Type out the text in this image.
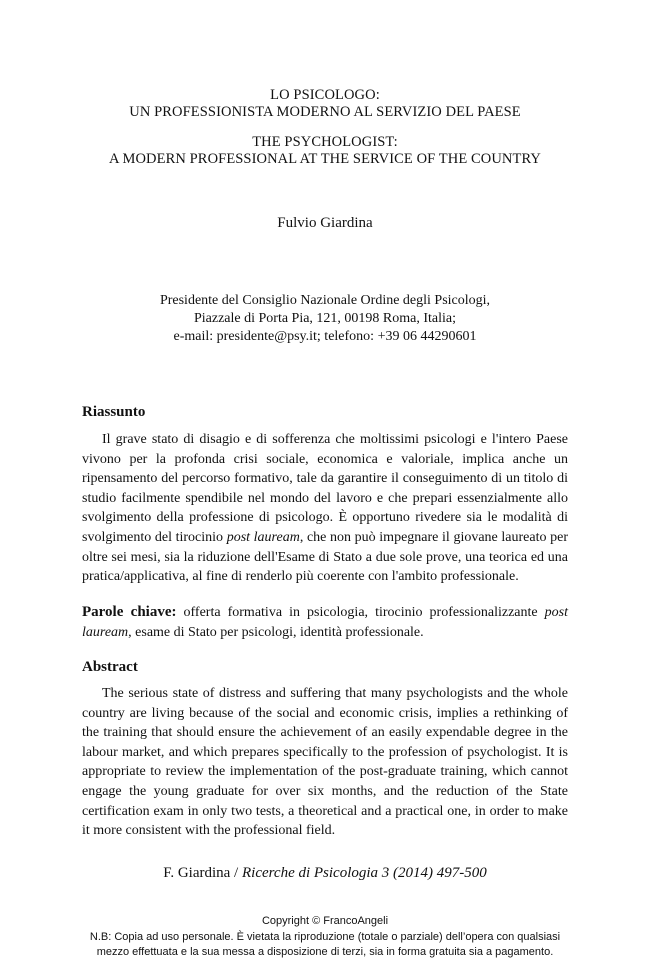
LO PSICOLOGO:
UN PROFESSIONISTA MODERNO AL SERVIZIO DEL PAESE
THE PSYCHOLOGIST:
A MODERN PROFESSIONAL AT THE SERVICE OF THE COUNTRY
Fulvio Giardina
Presidente del Consiglio Nazionale Ordine degli Psicologi,
Piazzale di Porta Pia, 121, 00198 Roma, Italia;
e-mail: presidente@psy.it; telefono: +39 06 44290601
Riassunto
Il grave stato di disagio e di sofferenza che moltissimi psicologi e l'intero Paese vivono per la profonda crisi sociale, economica e valoriale, implica anche un ripensamento del percorso formativo, tale da garantire il conseguimento di un titolo di studio facilmente spendibile nel mondo del lavoro e che prepari essenzialmente allo svolgimento della professione di psicologo. È opportuno rivedere sia le modalità di svolgimento del tirocinio post lauream, che non può impegnare il giovane laureato per oltre sei mesi, sia la riduzione dell'Esame di Stato a due sole prove, una teorica ed una pratica/applicativa, al fine di renderlo più coerente con l'ambito professionale.
Parole chiave: offerta formativa in psicologia, tirocinio professionalizzante post lauream, esame di Stato per psicologi, identità professionale.
Abstract
The serious state of distress and suffering that many psychologists and the whole country are living because of the social and economic crisis, implies a rethinking of the training that should ensure the achievement of an easily expendable degree in the labour market, and which prepares specifically to the profession of psychologist. It is appropriate to review the implementation of the post-graduate training, which cannot engage the young graduate for over six months, and the reduction of the State certification exam in only two tests, a theoretical and a practical one, in order to make it more consistent with the professional field.
F. Giardina / Ricerche di Psicologia 3 (2014) 497-500
Copyright © FrancoAngeli
N.B: Copia ad uso personale. È vietata la riproduzione (totale o parziale) dell’opera con qualsiasi
mezzo effettuata e la sua messa a disposizione di terzi, sia in forma gratuita sia a pagamento.
